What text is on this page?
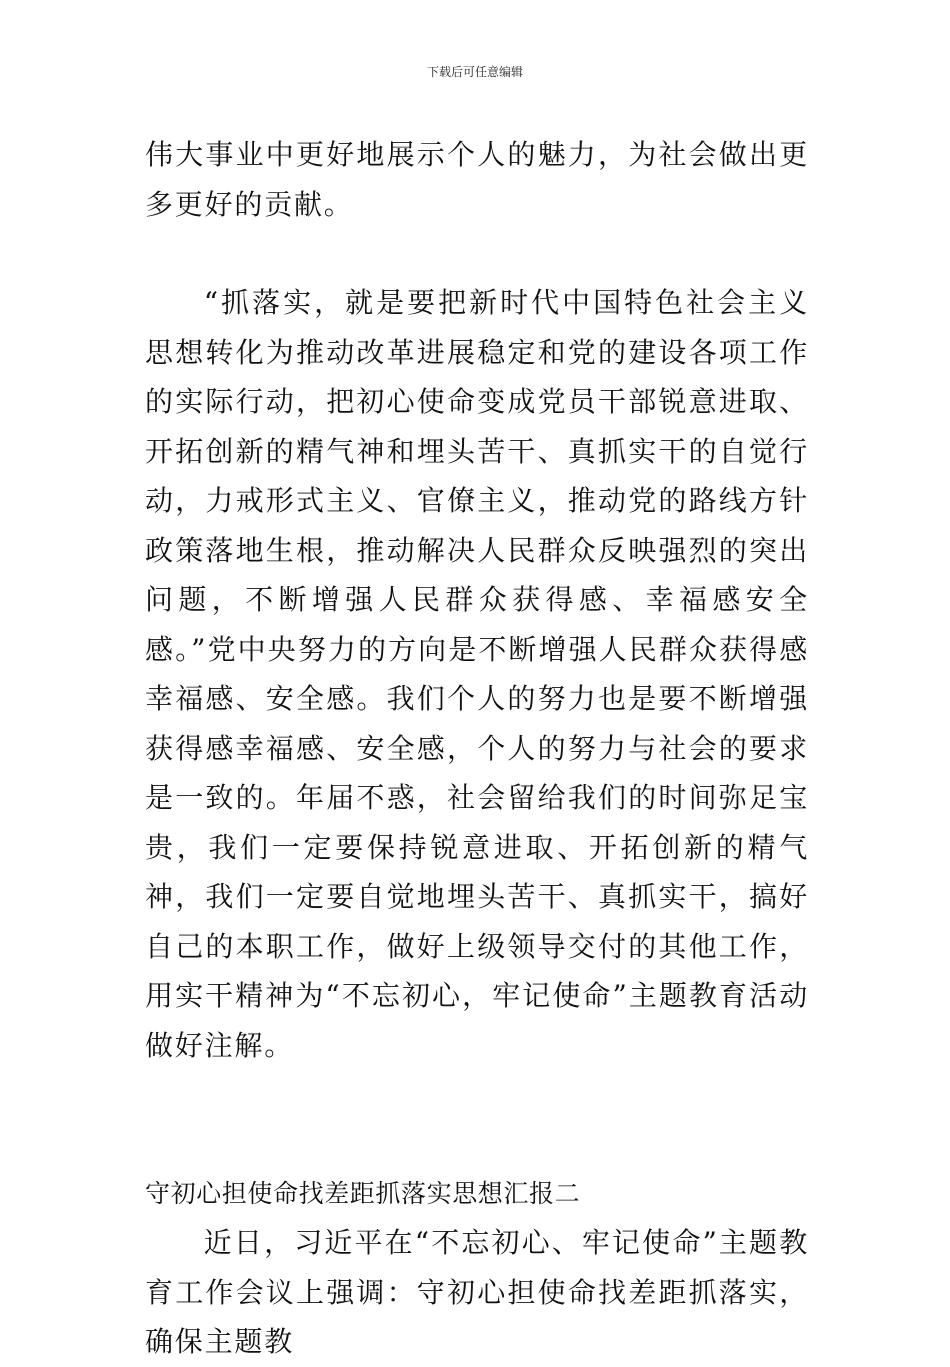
下载后可任意编辑

伟大事业中更好地展示个人的魅力，为社会做出更多更好的贡献。

“抓落实，就是要把新时代中国特色社会主义思想转化为推动改革进展稳定和党的建设各项工作的实际行动，把初心使命变成党员干部锐意进取、开拓创新的精气神和埋头苦干、真抓实干的自觉行动，力戒形式主义、官僚主义，推动党的路线方针政策落地生根，推动解决人民群众反映强烈的突出问题，不断增强人民群众获得感、幸福感安全感。”党中央努力的方向是不断增强人民群众获得感幸福感、安全感。我们个人的努力也是要不断增强获得感幸福感、安全感，个人的努力与社会的要求是一致的。年届不惑，社会留给我们的时间弥足宝贵，我们一定要保持锐意进取、开拓创新的精气神，我们一定要自觉地埋头苦干、真抓实干，搞好自己的本职工作，做好上级领导交付的其他工作，用实干精神为“不忘初心，牢记使命”主题教育活动做好注解。

守初心担使命找差距抓落实思想汇报二

近日，习近平在“不忘初心、牢记使命”主题教育工作会议上强调：守初心担使命找差距抓落实，确保主题教
